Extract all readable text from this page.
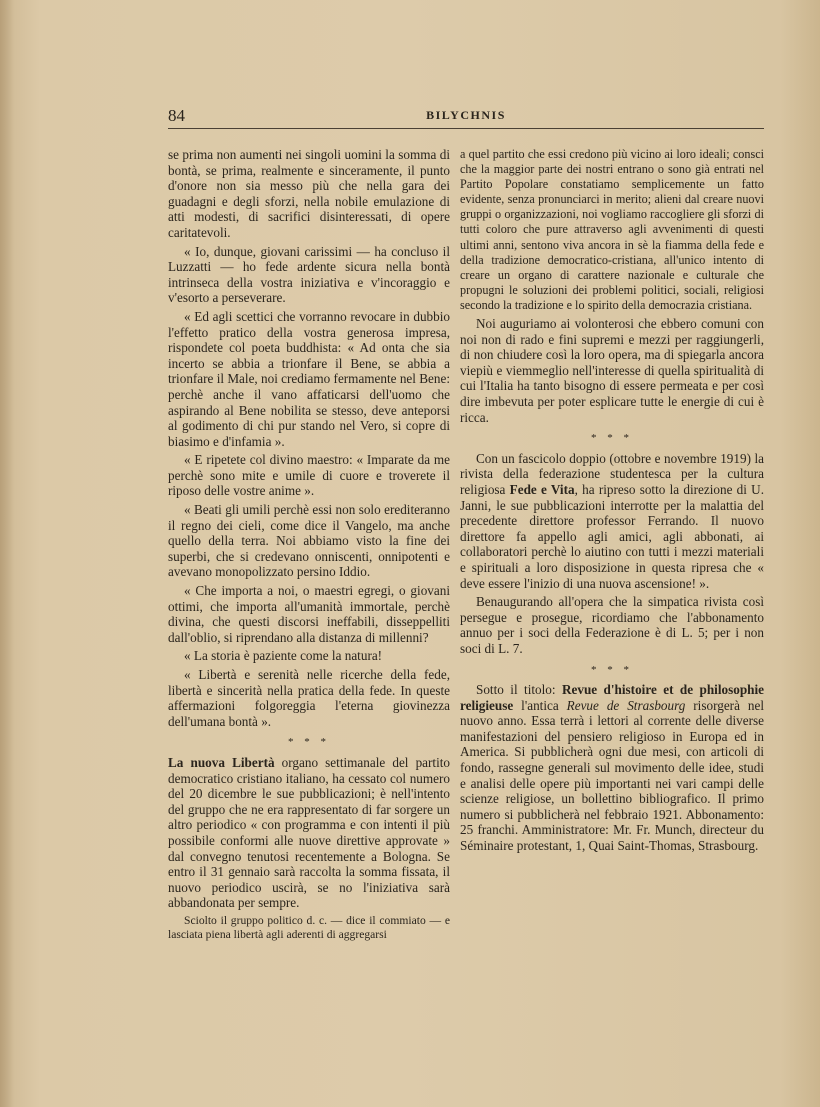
84	BILYCHNIS

se prima non aumenti nei singoli uomini la somma di bontà, se prima, realmente e sinceramente, il punto d'onore non sia messo più che nella gara dei guadagni e degli sforzi, nella nobile emulazione di atti modesti, di sacrifici disinteressati, di opere caritatevoli.

« Io, dunque, giovani carissimi — ha concluso il Luzzatti — ho fede ardente sicura nella bontà intrinseca della vostra iniziativa e v'incoraggio e v'esorto a perseverare.

« Ed agli scettici che vorranno revocare in dubbio l'effetto pratico della vostra generosa impresa, rispondete col poeta buddhista: « Ad onta che sia incerto se abbia a trionfare il Bene, se abbia a trionfare il Male, noi crediamo fermamente nel Bene: perchè anche il vano affaticarsi dell'uomo che aspirando al Bene nobilita se stesso, deve anteporsi al godimento di chi pur stando nel Vero, si copre di biasimo e d'infamia ».

« E ripetete col divino maestro: « Imparate da me perchè sono mite e umile di cuore e troverete il riposo delle vostre anime ».

« Beati gli umili perchè essi non solo erediteranno il regno dei cieli, come dice il Vangelo, ma anche quello della terra. Noi abbiamo visto la fine dei superbi, che si credevano onniscenti, onnipotenti e avevano monopolizzato persino Iddio.

« Che importa a noi, o maestri egregi, o giovani ottimi, che importa all'umanità immortale, perchè divina, che questi discorsi ineffabili, disseppelliti dall'oblio, si riprendano alla distanza di millenni?

« La storia è paziente come la natura!

« Libertà e serenità nelle ricerche della fede, libertà e sincerità nella pratica della fede. In queste affermazioni folgoreggia l'eterna giovinezza dell'umana bontà ».

* * *

La nuova Libertà organo settimanale del partito democratico cristiano italiano, ha cessato col numero del 20 dicembre le sue pubblicazioni; è nell'intento del gruppo che ne era rappresentato di far sorgere un altro periodico « con programma e con intenti il più possibile conformi alle nuove direttive approvate » dal convegno tenutosi recentemente a Bologna. Se entro il 31 gennaio sarà raccolta la somma fissata, il nuovo periodico uscirà, se no l'iniziativa sarà abbandonata per sempre.

Sciolto il gruppo politico d. c. — dice il commiato — e lasciata piena libertà agli aderenti di aggregarsi

a quel partito che essi credono più vicino ai loro ideali; consci che la maggior parte dei nostri entrano o sono già entrati nel Partito Popolare constatiamo semplicemente un fatto evidente, senza pronunciarci in merito; alieni dal creare nuovi gruppi o organizzazioni, noi vogliamo raccogliere gli sforzi di tutti coloro che pure attraverso agli avvenimenti di questi ultimi anni, sentono viva ancora in sè la fiamma della fede e della tradizione democratico-cristiana, all'unico intento di creare un organo di carattere nazionale e culturale che propugni le soluzioni dei problemi politici, sociali, religiosi secondo la tradizione e lo spirito della democrazia cristiana.

Noi auguriamo ai volonterosi che ebbero comuni con noi non di rado e fini supremi e mezzi per raggiungerli, di non chiudere così la loro opera, ma di spiegarla ancora viepiù e viemmeglio nell'interesse di quella spiritualità di cui l'Italia ha tanto bisogno di essere permeata e per così dire imbevuta per poter esplicare tutte le energie di cui è ricca.

* * *

Con un fascicolo doppio (ottobre e novembre 1919) la rivista della federazione studentesca per la cultura religiosa Fede e Vita, ha ripreso sotto la direzione di U. Janni, le sue pubblicazioni interrotte per la malattia del precedente direttore professor Ferrando. Il nuovo direttore fa appello agli amici, agli abbonati, ai collaboratori perchè lo aiutino con tutti i mezzi materiali e spirituali a loro disposizione in questa ripresa che « deve essere l'inizio di una nuova ascensione! ».

Benaugurando all'opera che la simpatica rivista così persegue e prosegue, ricordiamo che l'abbonamento annuo per i soci della Federazione è di L. 5; per i non soci di L. 7.

* * *

Sotto il titolo: Revue d'histoire et de philosophie religieuse l'antica Revue de Strasbourg risorgerà nel nuovo anno. Essa terrà i lettori al corrente delle diverse manifestazioni del pensiero religioso in Europa ed in America. Si pubblicherà ogni due mesi, con articoli di fondo, rassegne generali sul movimento delle idee, studi e analisi delle opere più importanti nei vari campi delle scienze religiose, un bollettino bibliografico. Il primo numero si pubblicherà nel febbraio 1921. Abbonamento: 25 franchi. Amministratore: Mr. Fr. Munch, directeur du Séminaire protestant, 1, Quai Saint-Thomas, Strasbourg.
